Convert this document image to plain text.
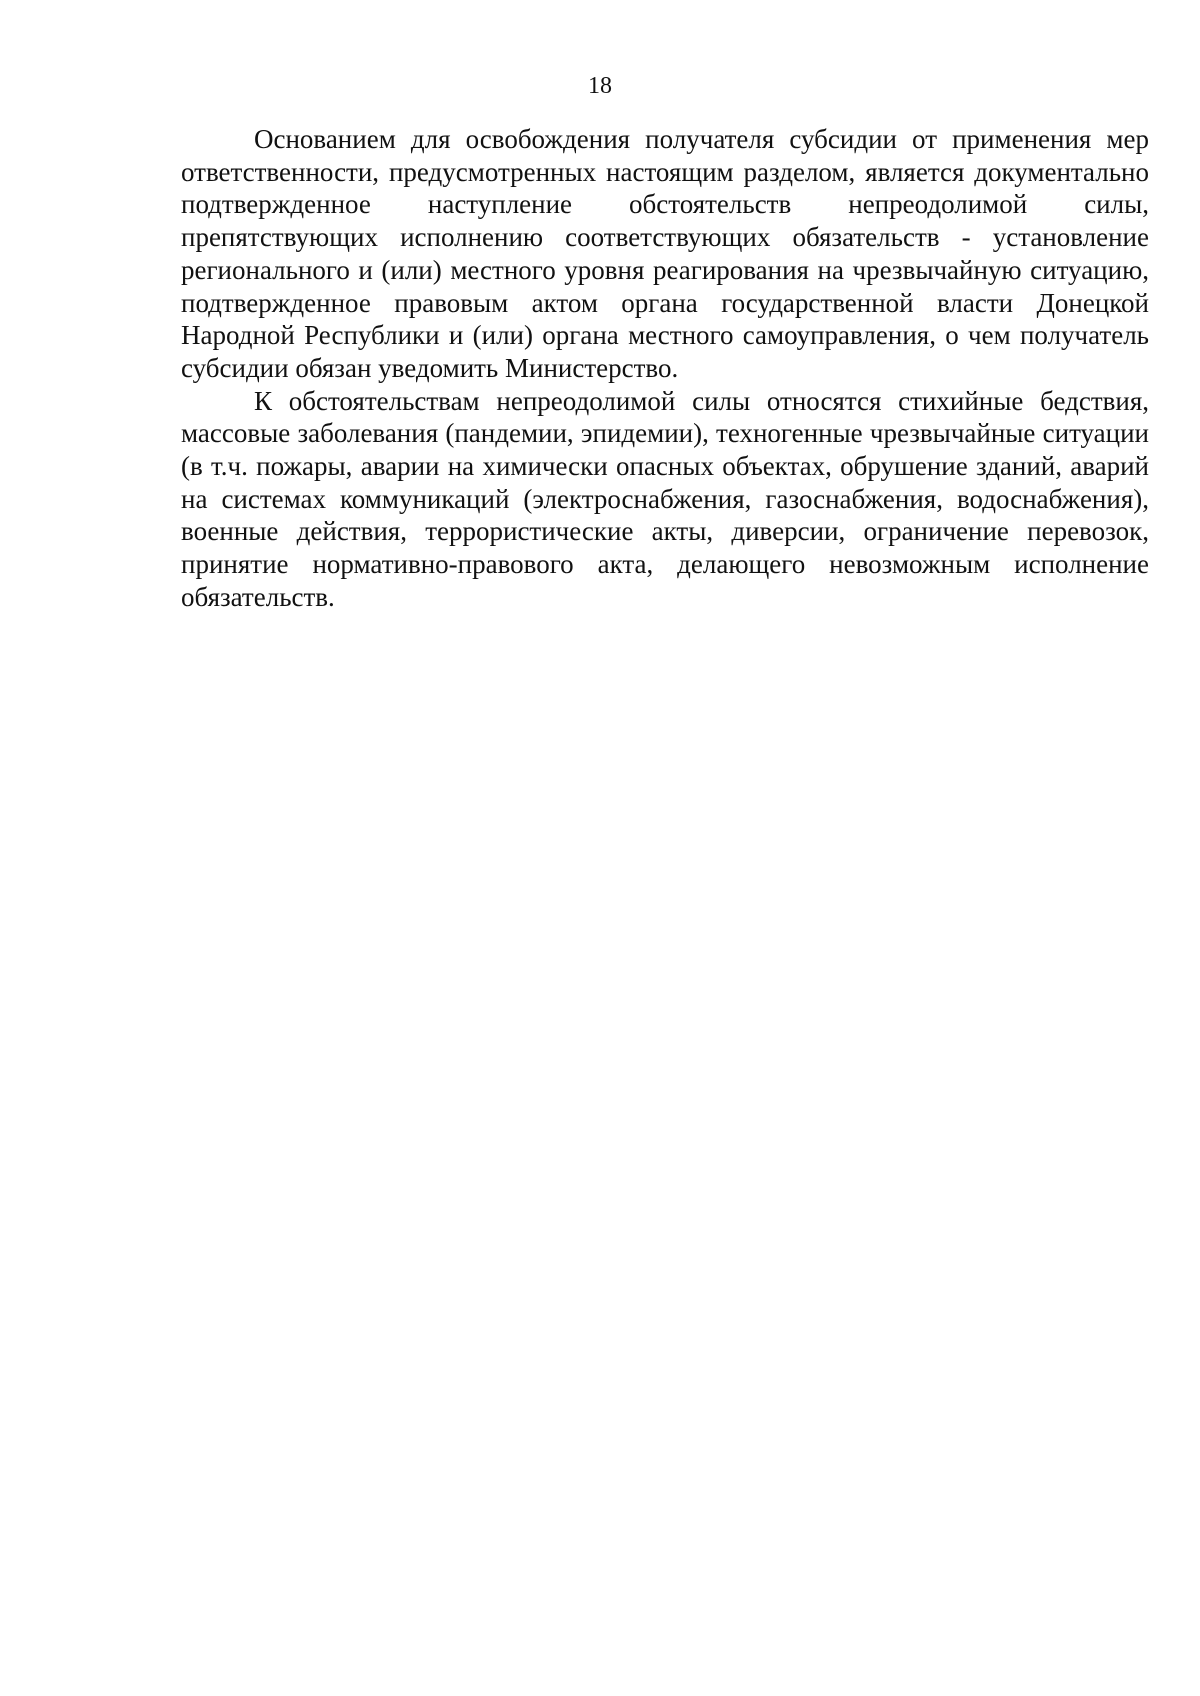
18

Основанием для освобождения получателя субсидии от применения мер ответственности, предусмотренных настоящим разделом, является документально подтвержденное наступление обстоятельств непреодолимой силы, препятствующих исполнению соответствующих обязательств - установление регионального и (или) местного уровня реагирования на чрезвычайную ситуацию, подтвержденное правовым актом органа государственной власти Донецкой Народной Республики и (или) органа местного самоуправления, о чем получатель субсидии обязан уведомить Министерство.

К обстоятельствам непреодолимой силы относятся стихийные бедствия, массовые заболевания (пандемии, эпидемии), техногенные чрезвычайные ситуации (в т.ч. пожары, аварии на химически опасных объектах, обрушение зданий, аварий на системах коммуникаций (электроснабжения, газоснабжения, водоснабжения), военные действия, террористические акты, диверсии, ограничение перевозок, принятие нормативно-правового акта, делающего невозможным исполнение обязательств.
